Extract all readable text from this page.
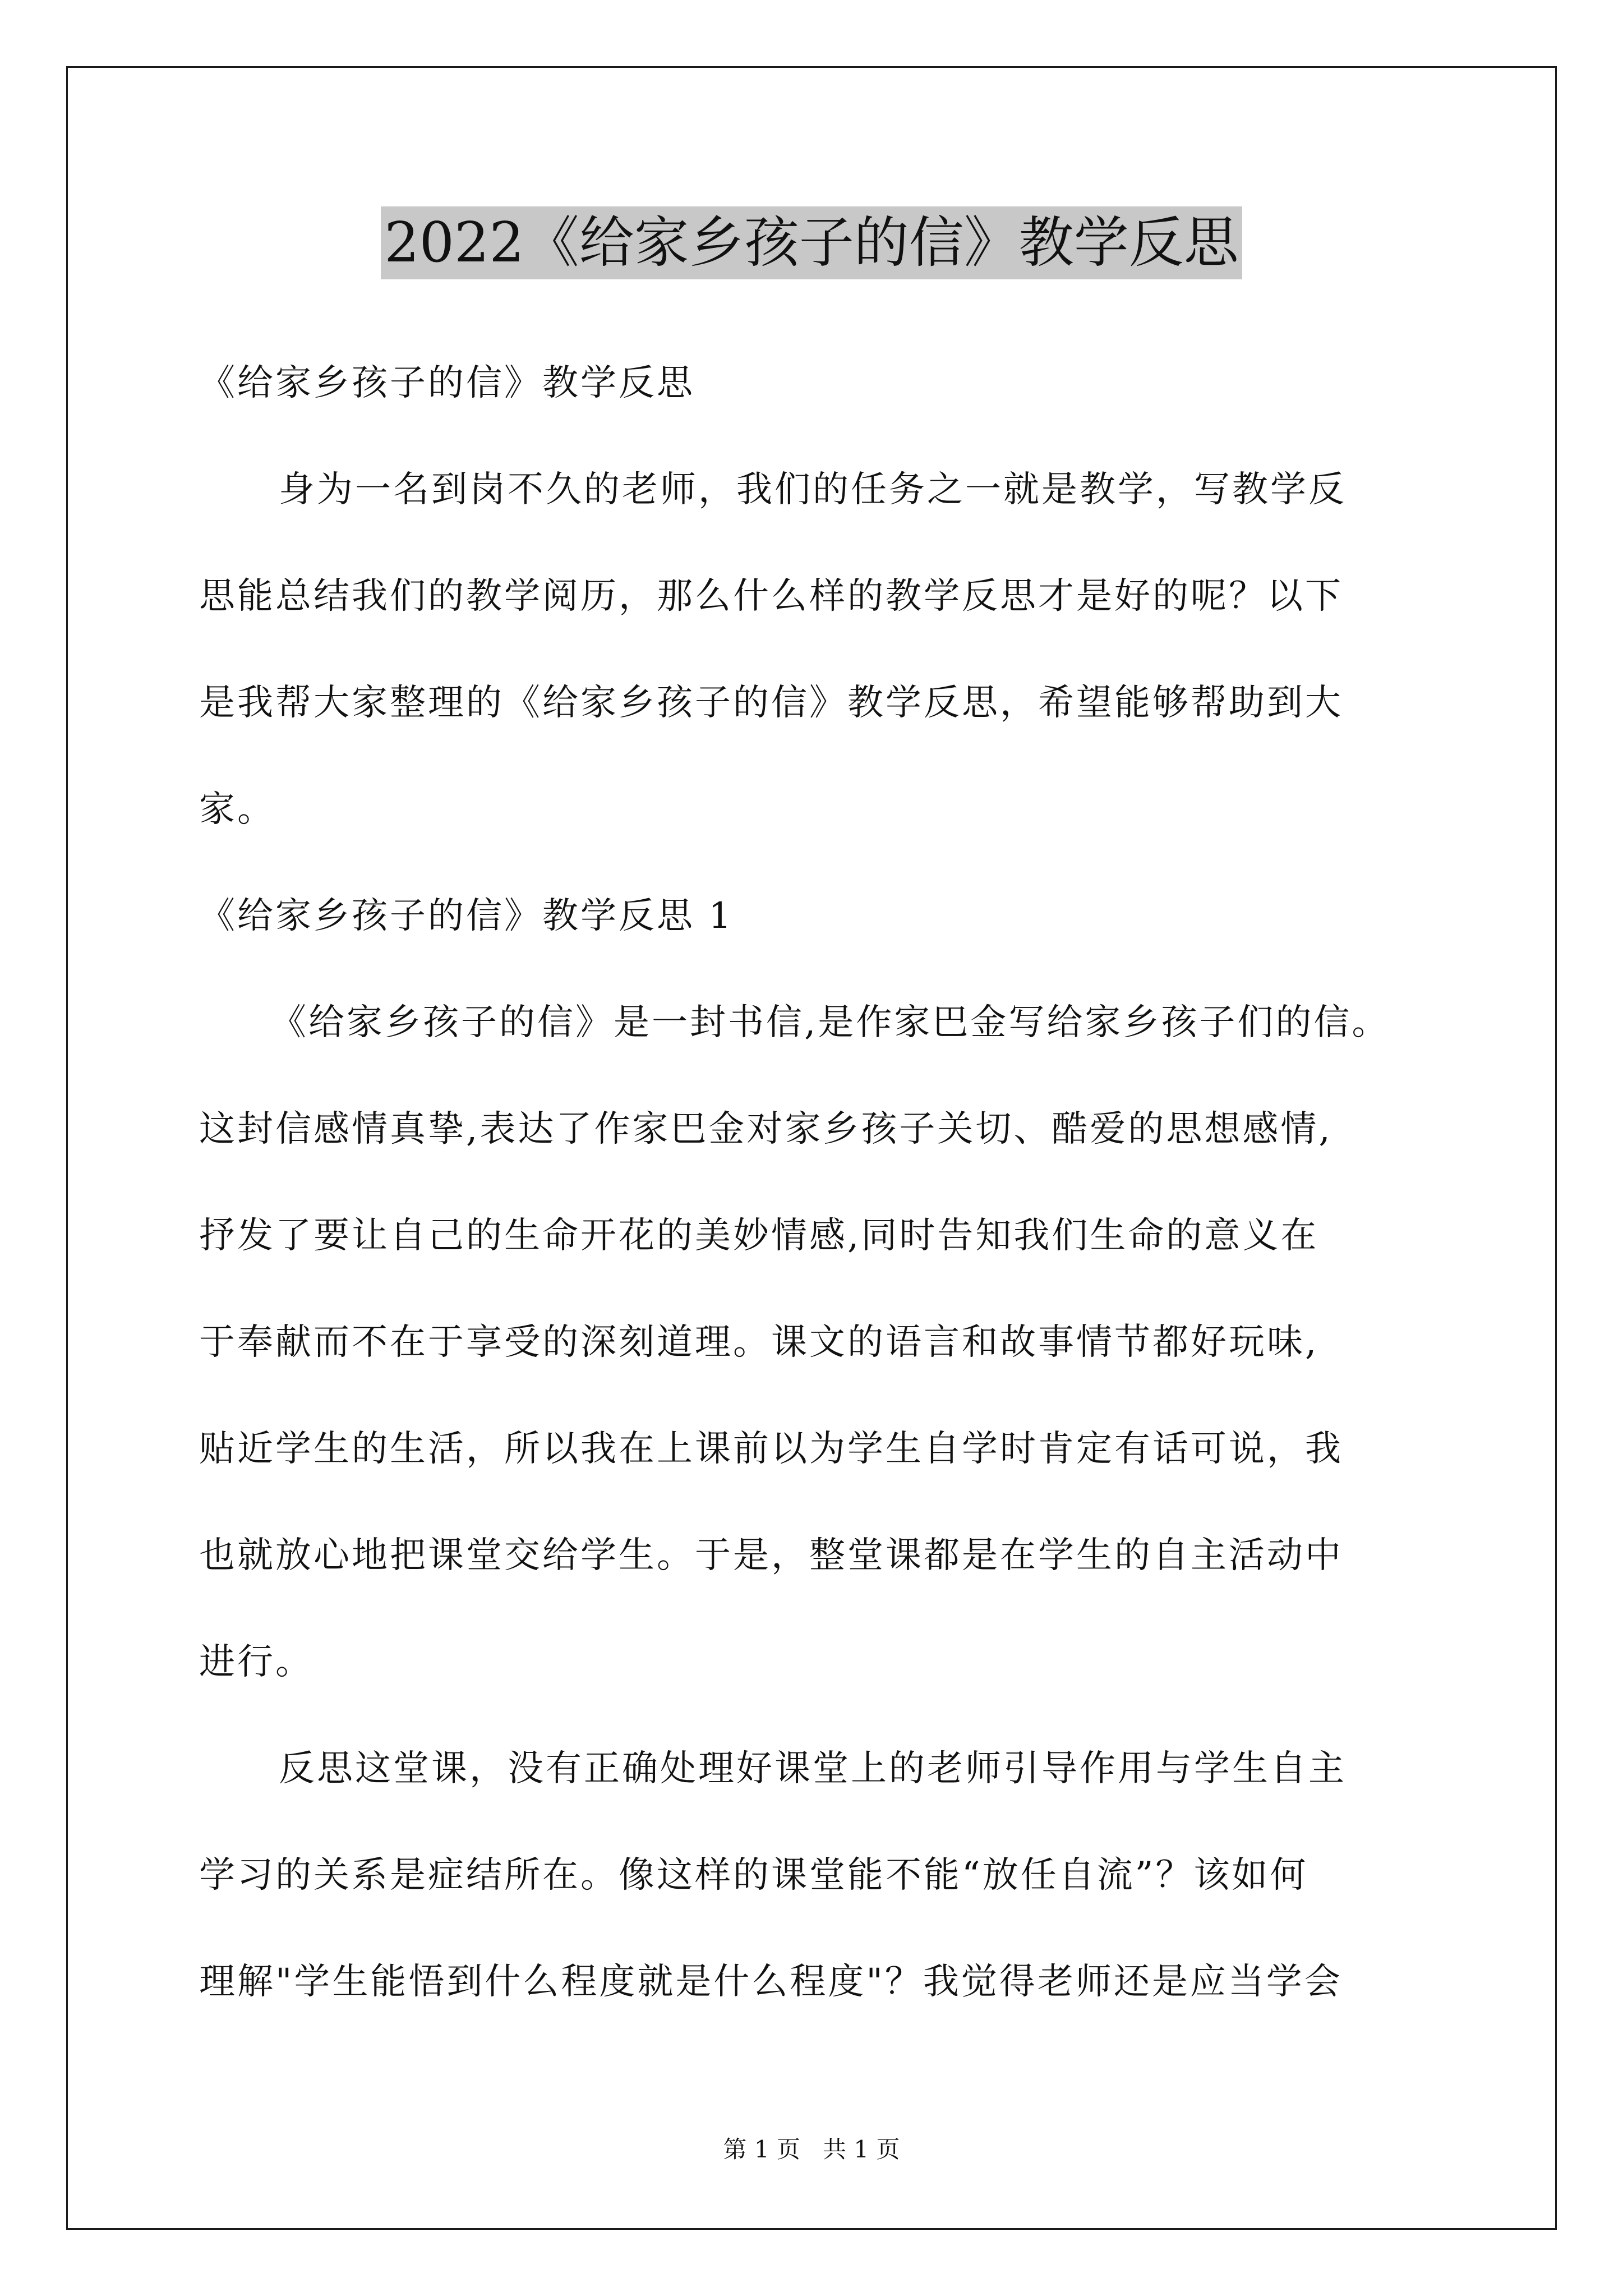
2022《给家乡孩子的信》教学反思
《给家乡孩子的信》教学反思
身为一名到岗不久的老师，我们的任务之一就是教学，写教学反
思能总结我们的教学阅历，那么什么样的教学反思才是好的呢？以下
是我帮大家整理的《给家乡孩子的信》教学反思，希望能够帮助到大
家。
《给家乡孩子的信》教学反思 1
《给家乡孩子的信》是一封书信,是作家巴金写给家乡孩子们的信。
这封信感情真挚,表达了作家巴金对家乡孩子关切、酷爱的思想感情,
抒发了要让自己的生命开花的美妙情感,同时告知我们生命的意义在
于奉献而不在于享受的深刻道理。课文的语言和故事情节都好玩味,
贴近学生的生活，所以我在上课前以为学生自学时肯定有话可说，我
也就放心地把课堂交给学生。于是，整堂课都是在学生的自主活动中
进行。
反思这堂课，没有正确处理好课堂上的老师引导作用与学生自主
学习的关系是症结所在。像这样的课堂能不能“放任自流”？该如何
理解"学生能悟到什么程度就是什么程度"？我觉得老师还是应当学会
第 1 页   共 1 页
